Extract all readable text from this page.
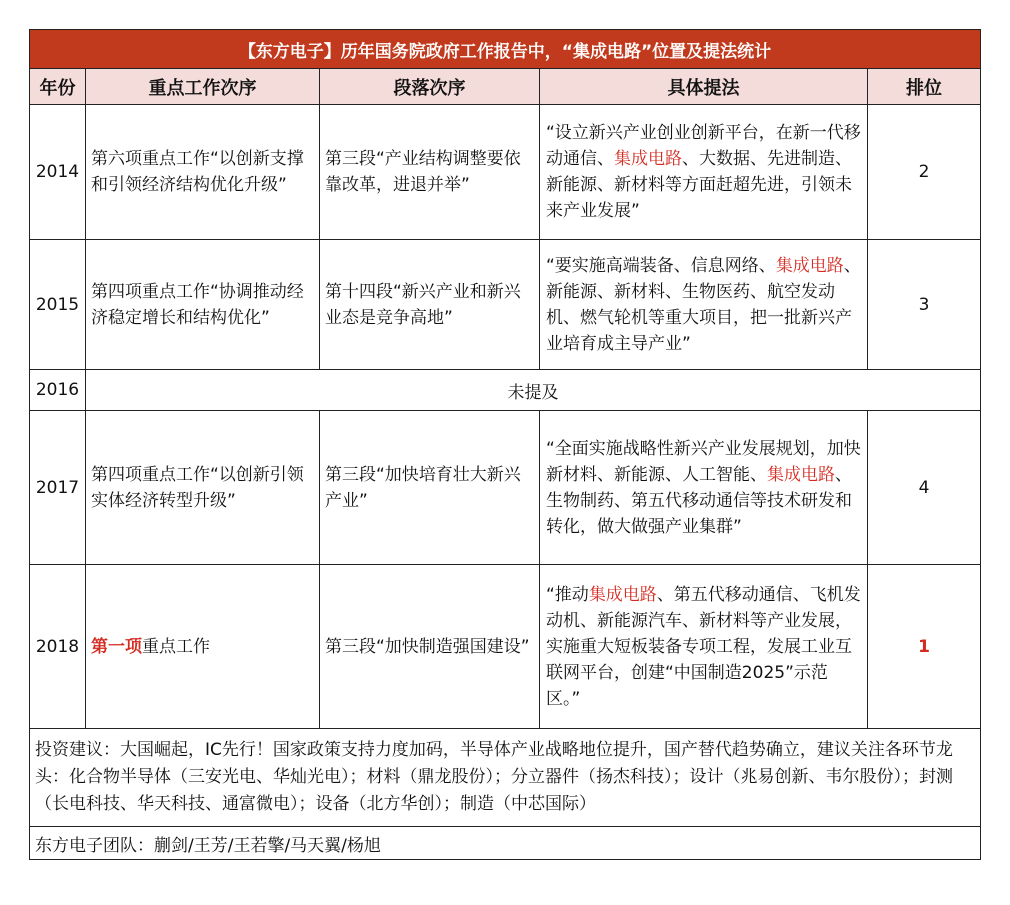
【东方电子】历年国务院政府工作报告中，“集成电路”位置及提法统计				
年份	重点工作次序	段落次序	具体提法	排位
2014	第六项重点工作“以创新支撑和引领经济结构优化升级”	第三段“产业结构调整要依靠改革，进退并举”	“设立新兴产业创业创新平台，在新一代移动通信、集成电路、大数据、先进制造、新能源、新材料等方面赶超先进，引领未来产业发展”	2
2015	第四项重点工作“协调推动经济稳定增长和结构优化”	第十四段“新兴产业和新兴业态是竞争高地”	“要实施高端装备、信息网络、集成电路、新能源、新材料、生物医药、航空发动机、燃气轮机等重大项目，把一批新兴产业培育成主导产业”	3
2016	未提及			
2017	第四项重点工作“以创新引领实体经济转型升级”	第三段“加快培育壮大新兴产业”	“全面实施战略性新兴产业发展规划，加快新材料、新能源、人工智能、集成电路、生物制药、第五代移动通信等技术研发和转化，做大做强产业集群”	4
2018	第一项重点工作	第三段“加快制造强国建设”	“推动集成电路、第五代移动通信、飞机发动机、新能源汽车、新材料等产业发展，实施重大短板装备专项工程，发展工业互联网平台，创建“中国制造2025”示范区。”	1
投资建议：大国崛起，IC先行！国家政策支持力度加码，半导体产业战略地位提升，国产替代趋势确立，建议关注各环节龙头：化合物半导体（三安光电、华灿光电）；材料（鼎龙股份）；分立器件（扬杰科技）；设计（兆易创新、韦尔股份）；封测（长电科技、华天科技、通富微电）；设备（北方华创）；制造（中芯国际）				
东方电子团队：蒯剑/王芳/王若擎/马天翼/杨旭				
